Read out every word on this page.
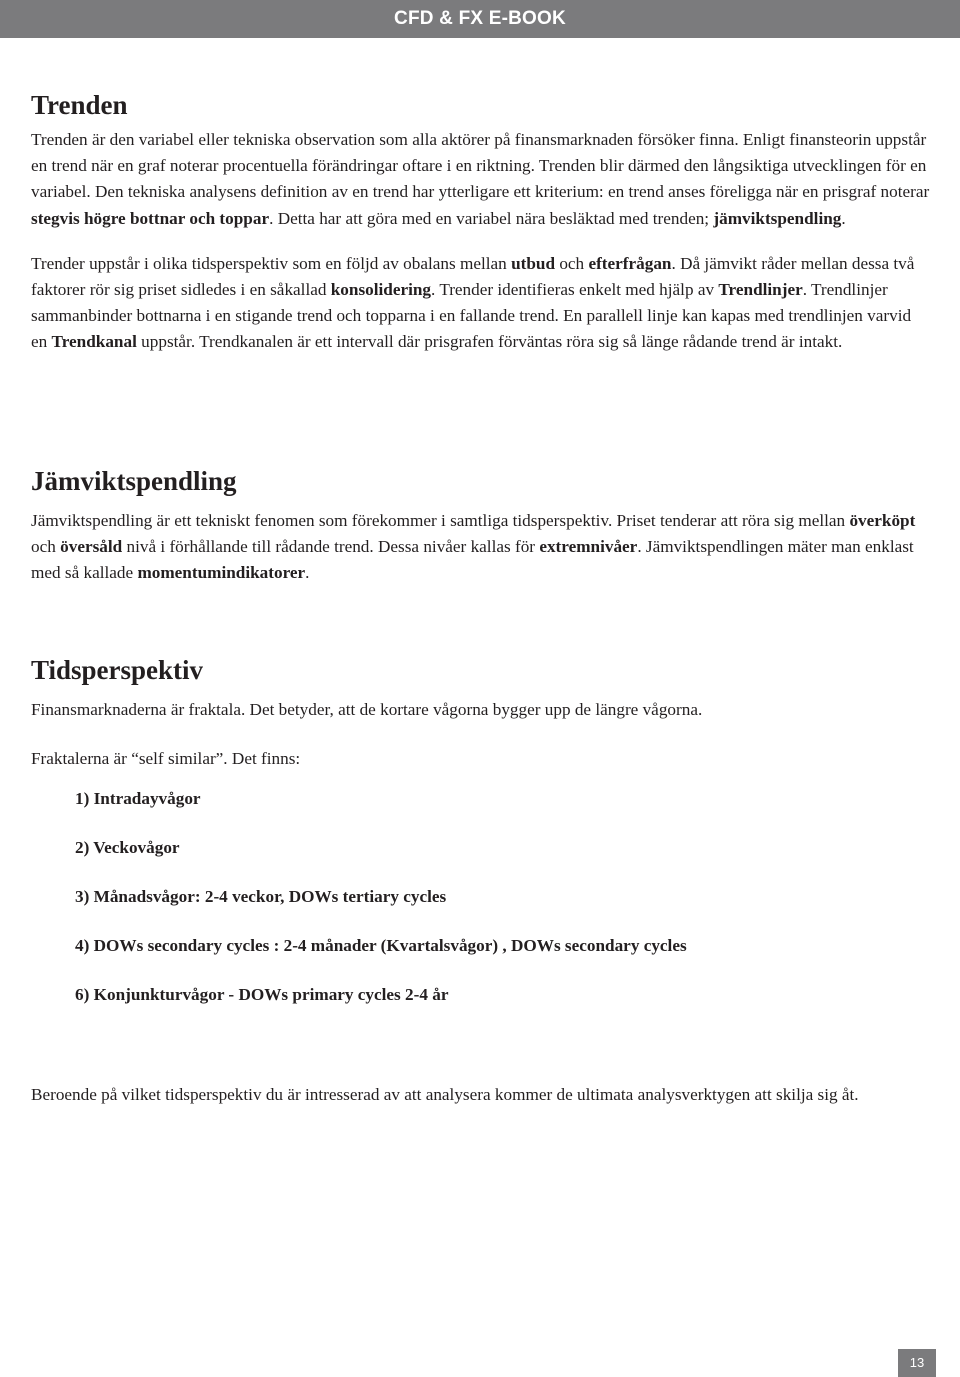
CFD & FX E-BOOK
Trenden

Trenden är den variabel eller tekniska observation som alla aktörer på finansmarknaden försöker finna. Enligt finansteorin uppstår en trend när en graf noterar procentuella förändringar oftare i en riktning. Trenden blir därmed den långsiktiga utvecklingen för en variabel. Den tekniska analysens definition av en trend har ytterligare ett kriterium: en trend anses föreligga när en prisgraf noterar stegvis högre bottnar och toppar. Detta har att göra med en variabel nära besläktad med trenden; jämviktspendling.

Trender uppstår i olika tidsperspektiv som en följd av obalans mellan utbud och efterfrågan. Då jämvikt råder mellan dessa två faktorer rör sig priset sidledes i en såkallad konsolidering. Trender identifieras enkelt med hjälp av Trendlinjer. Trendlinjer sammanbinder bottnarna i en stigande trend och topparna i en fallande trend. En parallell linje kan kapas med trendlinjen varvid en Trendkanal uppstår. Trendkanalen är ett intervall där prisgrafen förväntas röra sig så länge rådande trend är intakt.

Jämviktspendling

Jämviktspendling är ett tekniskt fenomen som förekommer i samtliga tidsperspektiv. Priset tenderar att röra sig mellan överköpt och översåld nivå i förhållande till rådande trend. Dessa nivåer kallas för extremnivåer. Jämviktspendlingen mäter man enklast med så kallade momentumindikatorer.

Tidsperspektiv

Finansmarknaderna är fraktala. Det betyder, att de kortare vågorna bygger upp de längre vågorna.

Fraktalerna är “self similar”. Det finns:

1) Intradayvågor
2) Veckovågor
3) Månadsvågor: 2-4 veckor, DOWs tertiary cycles
4) DOWs secondary cycles : 2-4 månader (Kvartalsvågor) , DOWs secondary cycles
6) Konjunkturvågor - DOWs primary cycles 2-4 år

Beroende på vilket tidsperspektiv du är intresserad av att analysera kommer de ultimata analysverktygen att skilja sig åt.

13
